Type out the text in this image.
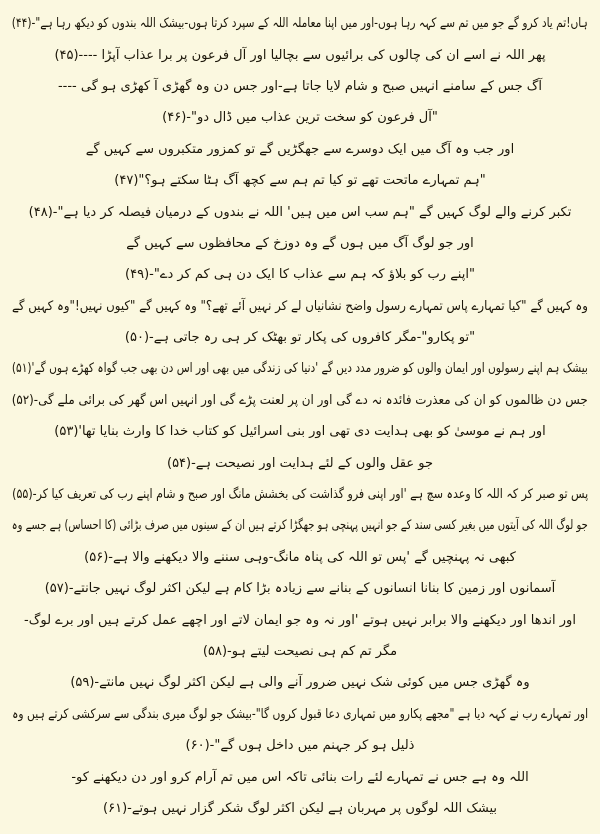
ہاں!تم یاد کرو گے جو میں تم سے کہہ رہا ہوں-اور میں اپنا معاملہ اللہ کے سپرد کرتا ہوں-بیشک اللہ بندوں کو دیکھ رہا ہے"-(۴۴)
پھر اللہ نے اسے ان کی چالوں کی برائیوں سے بچالیا اور آل فرعون پر برا عذاب آپڑا ----(۴۵)
آگ جس کے سامنے انہیں صبح و شام لایا جاتا ہے-اور جس دن وہ گھڑی آ کھڑی ہو گی ----
"آل فرعون کو سخت ترین عذاب میں ڈال دو"-(۴۶)
اور جب وہ آگ میں ایک دوسرے سے جھگڑیں گے تو کمزور متکبروں سے کہیں گے
"ہم تمہارے ماتحت تھے تو کیا تم ہم سے کچھ آگ ہٹا سکتے ہو؟"(۴۷)
تکبر کرنے والے لوگ کہیں گے "ہم سب اس میں ہیں' اللہ نے بندوں کے درمیان فیصلہ کر دیا ہے"-(۴۸)
اور جو لوگ آگ میں ہوں گے وہ دوزخ کے محافظوں سے کہیں گے
"اپنے رب کو بلاؤ کہ ہم سے عذاب کا ایک دن ہی کم کر دے"-(۴۹)
وہ کہیں گے "کیا تمہارے پاس تمہارے رسول واضح نشانیاں لے کر نہیں آئے تھے؟" وہ کہیں گے "کیوں نہیں!"وہ کہیں گے
"تو پکارو"-مگر کافروں کی پکار تو بھٹک کر ہی رہ جاتی ہے-(۵۰)
بیشک ہم اپنے رسولوں اور ایمان والوں کو ضرور مدد دیں گے 'دنیا کی زندگی میں بھی اور اس دن بھی جب گواہ کھڑے ہوں گے'(۵۱)
جس دن ظالموں کو ان کی معذرت فائدہ نہ دے گی اور ان پر لعنت پڑے گی اور انہیں اس گھر کی برائی ملے گی-(۵۲)
اور ہم نے موسیٰ کو بھی ہدایت دی تھی اور بنی اسرائیل کو کتاب خدا کا وارث بنایا تھا'(۵۳)
جو عقل والوں کے لئے ہدایت اور نصیحت ہے-(۵۴)
پس تو صبر کر کہ اللہ کا وعدہ سچ ہے 'اور اپنی فرو گذاشت کی بخشش مانگ اور صبح و شام اپنے رب کی تعریف کیا کر-(۵۵)
جو لوگ اللہ کی آیتوں میں بغیر کسی سند کے جو انہیں پہنچی ہو جھگڑا کرتے ہیں ان کے سینوں میں صرف بڑائی (کا احساس) ہے جسے وہ
کبھی نہ پہنچیں گے 'پس تو اللہ کی پناہ مانگ-وہی سننے والا دیکھنے والا ہے-(۵۶)
آسمانوں اور زمین کا بنانا انسانوں کے بنانے سے زیادہ بڑا کام ہے لیکن اکثر لوگ نہیں جانتے-(۵۷)
اور اندھا اور دیکھنے والا برابر نہیں ہوتے 'اور نہ وہ جو ایمان لاتے اور اچھے عمل کرتے ہیں اور برے لوگ-
مگر تم کم ہی نصیحت لیتے ہو-(۵۸)
وہ گھڑی جس میں کوئی شک نہیں ضرور آنے والی ہے لیکن اکثر لوگ نہیں مانتے-(۵۹)
اور تمہارے رب نے کہہ دیا ہے "مجھے پکارو میں تمہاری دعا قبول کروں گا"-بیشک جو لوگ میری بندگی سے سرکشی کرتے ہیں وہ
ذلیل ہو کر جہنم میں داخل ہوں گے"-(۶۰)
اللہ وہ ہے جس نے تمہارے لئے رات بنائی تاکہ اس میں تم آرام کرو اور دن دیکھنے کو-
بیشک اللہ لوگوں پر مہربان ہے لیکن اکثر لوگ شکر گزار نہیں ہوتے-(۶۱)
